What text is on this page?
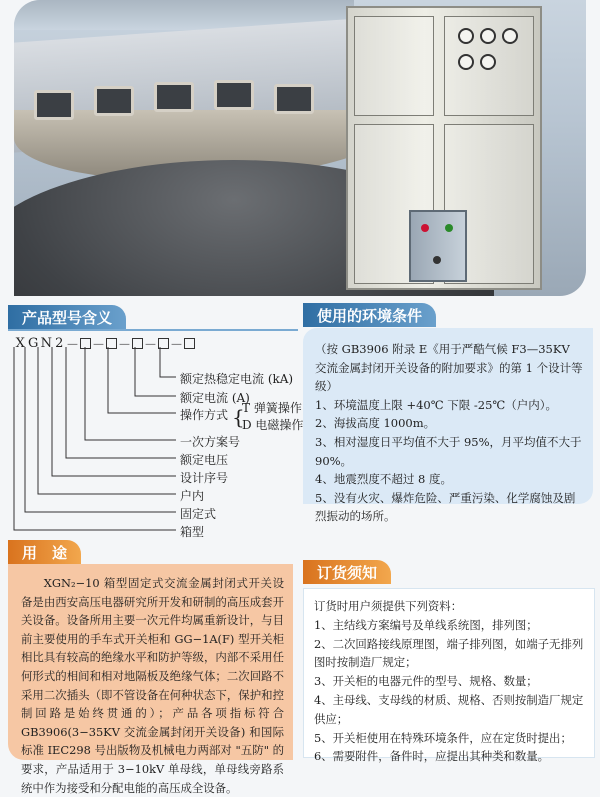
产品型号含义
X G N 2 － － － － －
额定热稳定电流 (kA)
额定电流 (A)
操作方式 {
T 弹簧操作
D 电磁操作
一次方案号
额定电压
设计序号
户内
固定式
箱型
使用的环境条件

（按 GB3906 附录 E《用于严酷气候 F3—35KV 交流金属封闭开关设备的附加要求》的第 1 个设计等级）

1、环境温度上限 +40℃ 下限 -25℃（户内）。

2、海拔高度 1000m。

3、相对湿度日平均值不大于 95%，月平均值不大于 90%。

4、地震烈度不超过 8 度。

5、没有火灾、爆炸危险、严重污染、化学腐蚀及剧烈振动的场所。

用　途

XGN₂−10 箱型固定式交流金属封闭式开关设备是由西安高压电器研究所开发和研制的高压成套开关设备。设备所用主要一次元件均属重新设计，与目前主要使用的手车式开关柜和 GG−1A(F) 型开关柜相比具有较高的绝缘水平和防护等级，内部不采用任何形式的相间和相对地隔板及绝缘气体；二次回路不采用二次插头（即不管设备在何种状态下，保护和控制回路是始终贯通的）；产品各项指标符合 GB3906(3−35KV 交流金属封闭开关设备) 和国际标准 IEC298 号出版物及机械电力两部对 "五防" 的要求，产品适用于 3−10kV 单母线，单母线旁路系统中作为接受和分配电能的高压成全设备。

订货须知

订货时用户须提供下列资料：

1、主结线方案编号及单线系统图，排列图；

2、二次回路接线原理图，端子排列图，如端子无排列图时按制造厂规定；

3、开关柜的电器元件的型号、规格、数量；

4、主母线、支母线的材质、规格、否则按制造厂规定供应；

5、开关柜使用在特殊环境条件，应在定货时提出；

6、需要附件，备件时，应提出其种类和数量。
